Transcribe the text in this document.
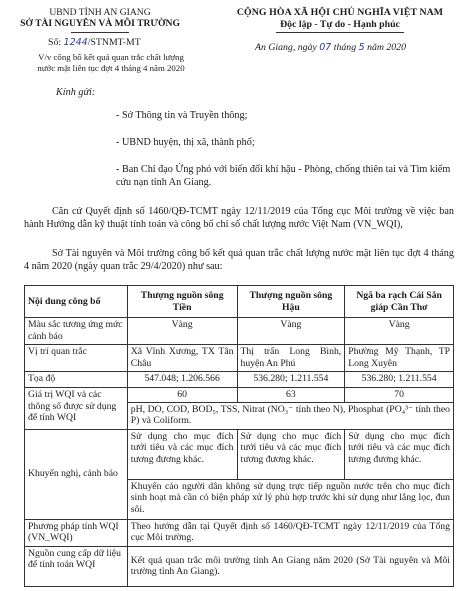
UBND TỈNH AN GIANG
SỞ TÀI NGUYÊN VÀ MÔI TRƯỜNG
Số: 1244/STNMT-MT
V/v công bố kết quả quan trắc chất lượng
nước mặt liên tục đợt 4 tháng 4 năm 2020
CỘNG HÒA XÃ HỘI CHỦ NGHĨA VIỆT NAM
Độc lập - Tự do - Hạnh phúc
An Giang, ngày 07 tháng 5 năm 2020
Kính gửi:
- Sở Thông tin và Truyền thông;
- UBND huyện, thị xã, thành phố;
- Ban Chỉ đạo Ứng phó với biến đổi khí hậu - Phòng, chống thiên tai và Tìm kiếm cứu nạn tỉnh An Giang.
Căn cứ Quyết định số 1460/QĐ-TCMT ngày 12/11/2019 của Tổng cục Môi trường về việc ban hành Hướng dẫn kỹ thuật tính toán và công bố chỉ số chất lượng nước Việt Nam (VN_WQI),
Sở Tài nguyên và Môi trường công bố kết quả quan trắc chất lượng nước mặt liên tục đợt 4 tháng 4 năm 2020 (ngày quan trắc 29/4/2020) như sau:
Nội dung công bố	Thượng nguồn sông Tiền	Thượng nguồn sông Hậu	Ngã ba rạch Cái Sắn giáp Cần Thơ
Màu sắc tương ứng mức cảnh báo	Vàng	Vàng	Vàng
Vị trí quan trắc	Xã Vĩnh Xương, TX Tân Châu	Thị trấn Long Bình, huyện An Phú	Phường Mỹ Thạnh, TP Long Xuyên
Tọa độ	547.048; 1.206.566	536.280; 1.211.554	536.280; 1.211.554
Giá trị WQI và các thông số được sử dụng để tính WQI	60	63	70
	pH, DO, COD, BOD₅, TSS, Nitrat (NO₃⁻ tính theo N), Phosphat (PO₄³⁻ tính theo P) và Coliform.		
Khuyến nghị, cảnh báo	Sử dụng cho mục đích tưới tiêu và các mục đích tương đương khác.	Sử dụng cho mục đích tưới tiêu và các mục đích tương đương khác.	Sử dụng cho mục đích tưới tiêu và các mục đích tương đương khác.
	Khuyến cáo người dân không sử dụng trực tiếp nguồn nước trên cho mục đích sinh hoạt mà cần có biện pháp xử lý phù hợp trước khi sử dụng như lắng lọc, đun sôi.		
Phương pháp tính WQI (VN_WQI)	Theo hướng dẫn tại Quyết định số 1460/QĐ-TCMT ngày 12/11/2019 của Tổng cục Môi trường.		
Nguồn cung cấp dữ liệu để tính toán WQI	Kết quả quan trắc môi trường tỉnh An Giang năm 2020 (Sở Tài nguyên và Môi trường tỉnh An Giang).		
